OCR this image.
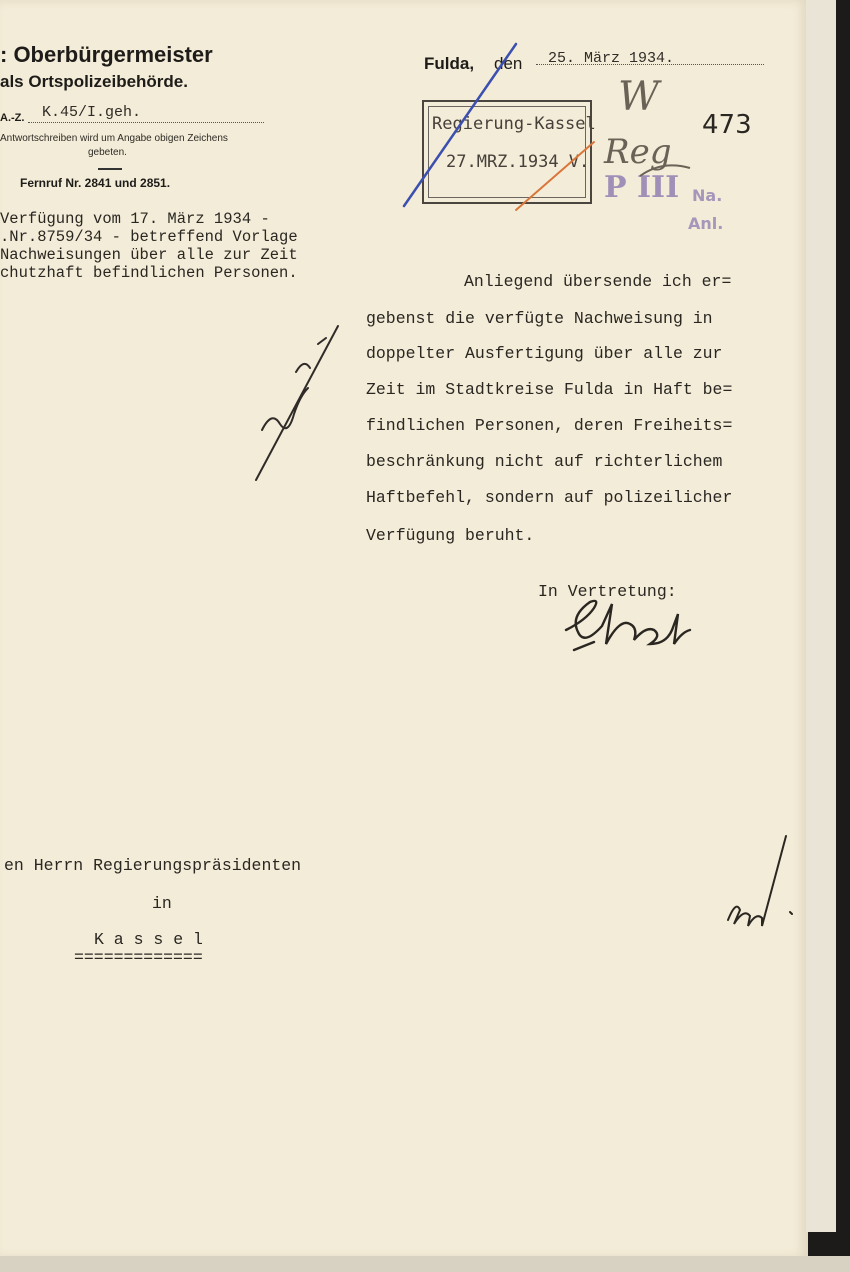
: Oberbürgermeister
als Ortspolizeibehörde.
A.-Z. K.45/I.geh.
Antwortschreiben wird um Angabe obigen Zeichens
gebeten.
Fernruf Nr. 2841 und 2851.
Verfügung vom 17. März 1934 -
.Nr.8759/34 - betreffend Vorlage
Nachweisungen über alle zur Zeit
chutzhaft befindlichen Personen.
Fulda, den 25. März 1934.
Regierung-Kassel
27.MRZ.1934 V.
473
W
Reg
P III Na.
Anl.
Anliegend übersende ich er=
gebenst die verfügte Nachweisung in
doppelter Ausfertigung über alle zur
Zeit im Stadtkreise Fulda in Haft be=
findlichen Personen, deren Freiheits=
beschränkung nicht auf richterlichem
Haftbefehl, sondern auf polizeilicher
Verfügung beruht.
In Vertretung:
en Herrn Regierungspräsidenten
in
K a s s e l
=============
